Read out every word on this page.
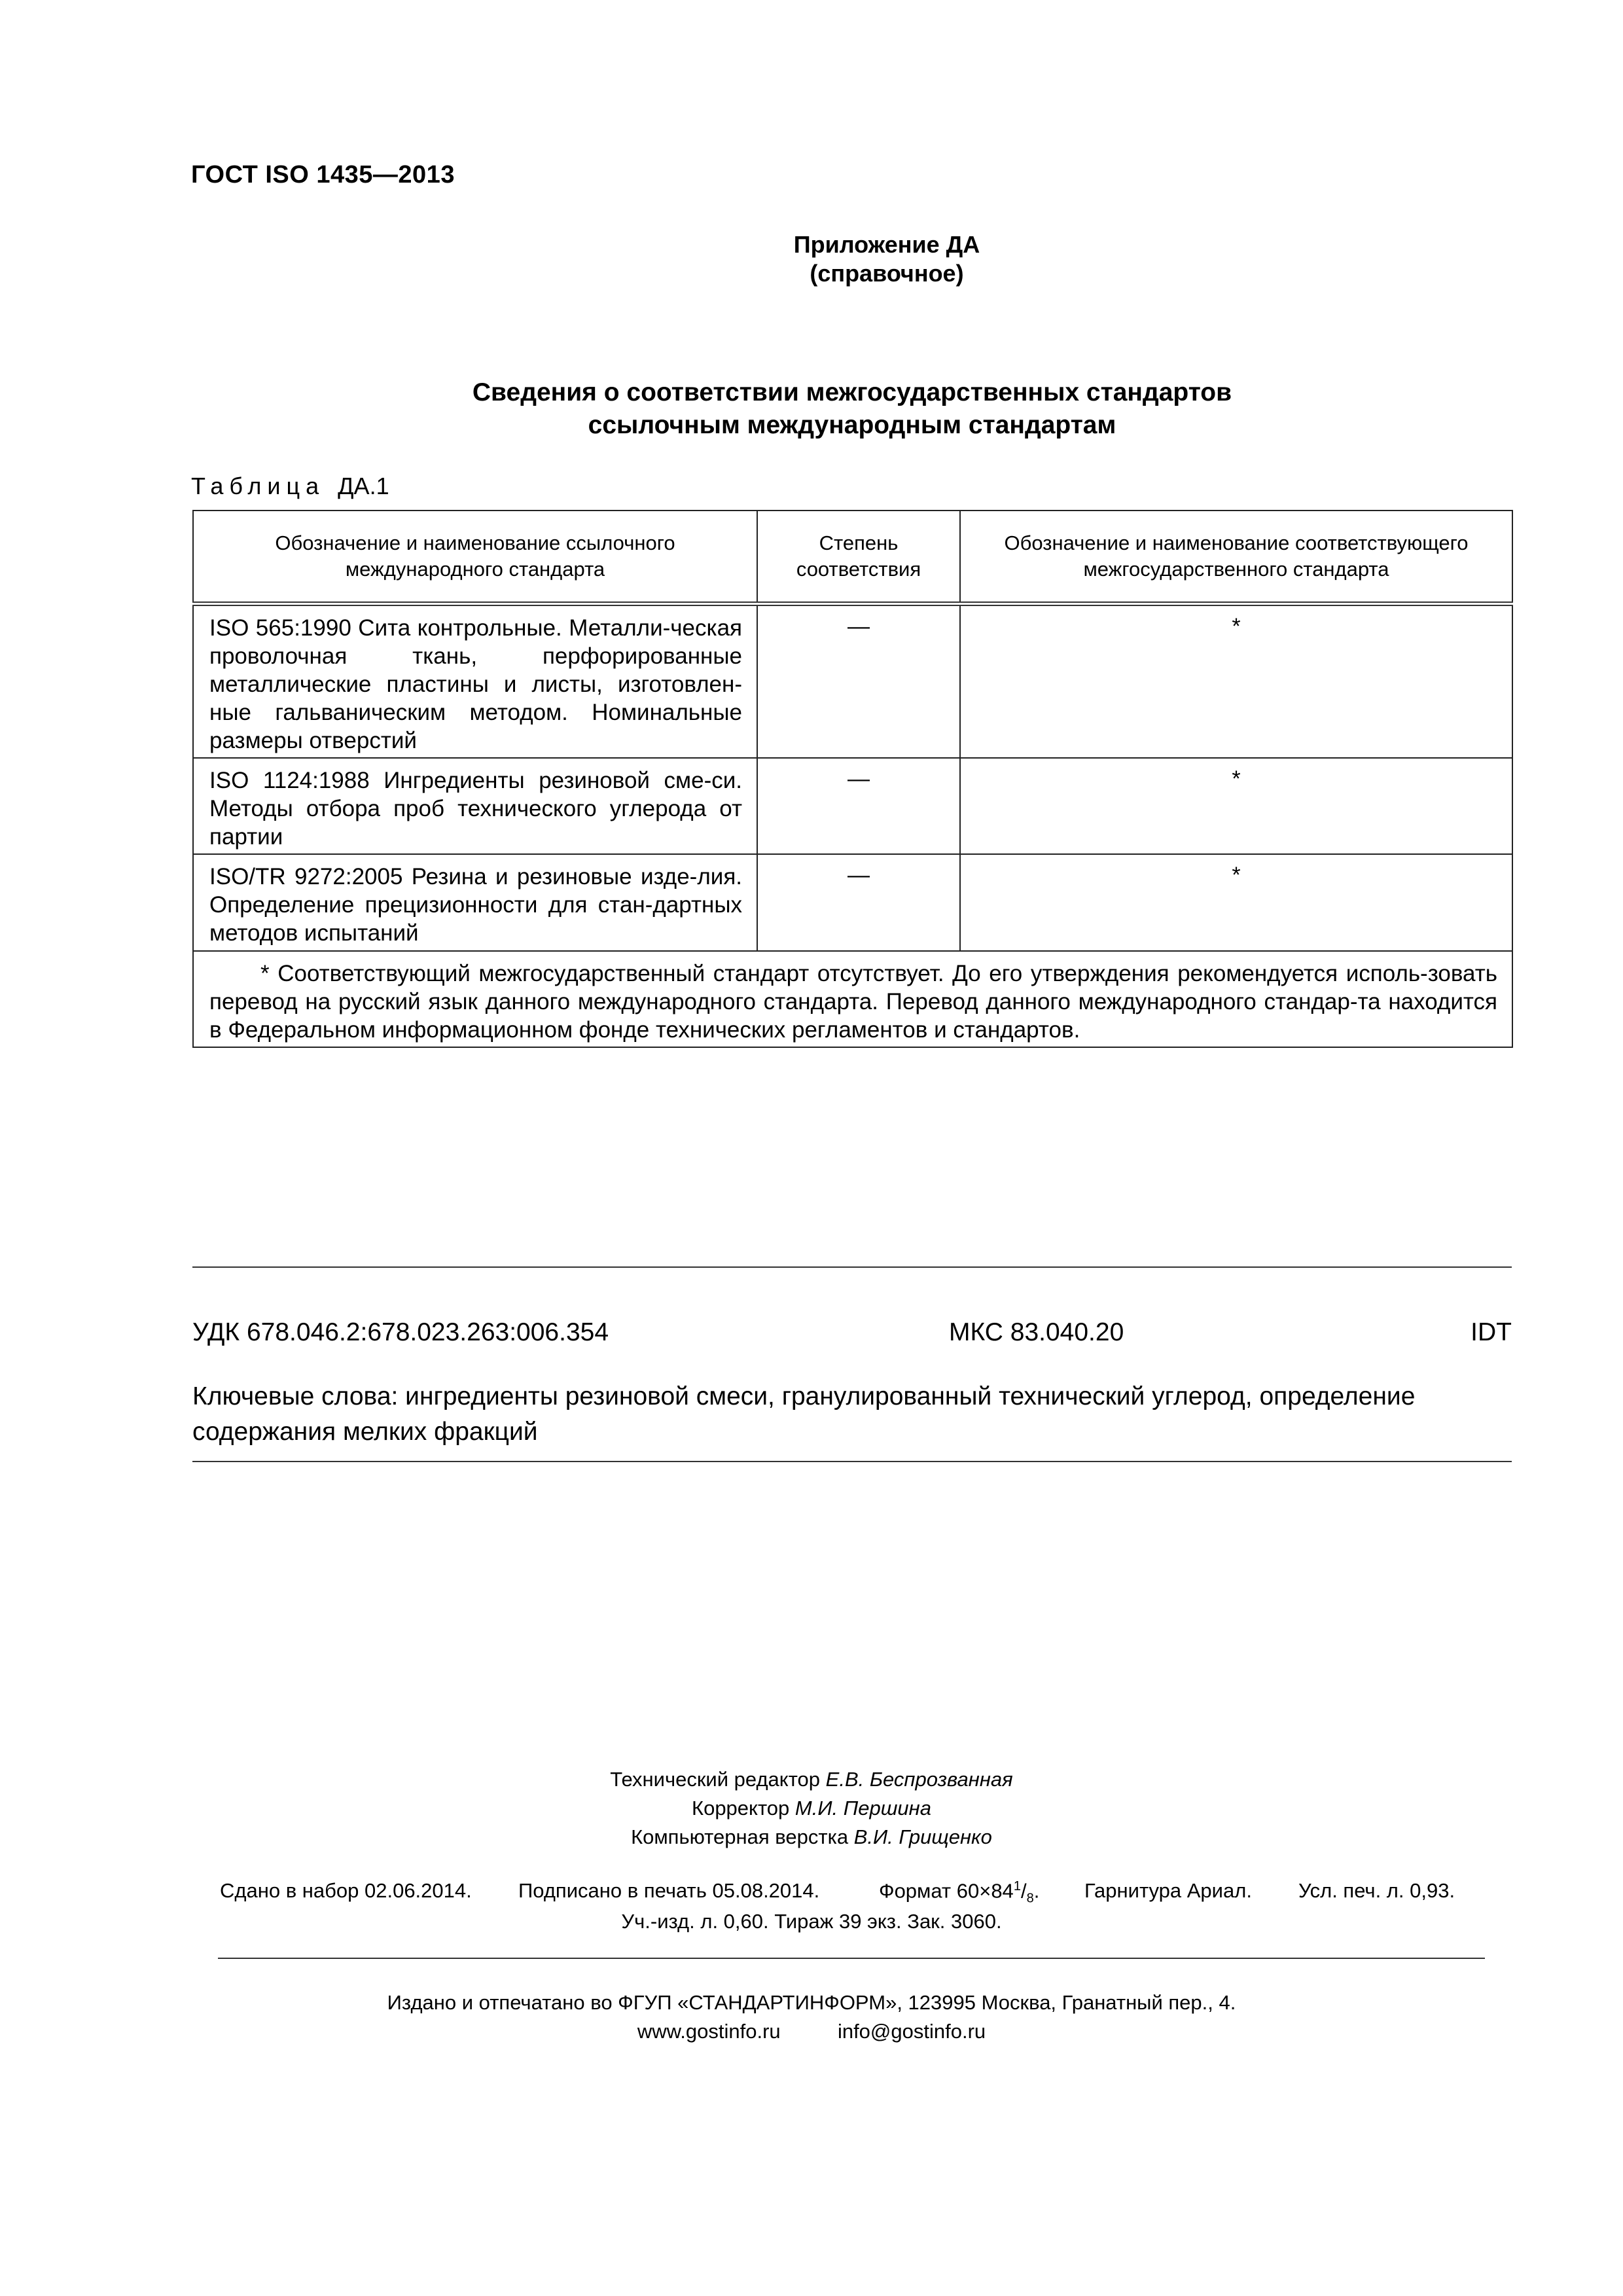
ГОСТ ISO 1435—2013
Приложение ДА
(справочное)
Сведения о соответствии межгосударственных стандартов
ссылочным международным стандартам
Таблица ДА.1
Обозначение и наименование ссылочного международного стандарта	Степень соответствия	Обозначение и наименование соответствующего межгосударственного стандарта
ISO 565:1990 Сита контрольные. Металли-ческая проволочная ткань, перфорированные металлические пластины и листы, изготовлен-ные гальваническим методом. Номинальные размеры отверстий	—	*
ISO 1124:1988 Ингредиенты резиновой сме-си. Методы отбора проб технического углерода от партии	—	*
ISO/TR 9272:2005 Резина и резиновые изде-лия. Определение прецизионности для стан-дартных методов испытаний	—	*
* Соответствующий межгосударственный стандарт отсутствует. До его утверждения рекомендуется исполь-зовать перевод на русский язык данного международного стандарта. Перевод данного международного стандар-та находится в Федеральном информационном фонде технических регламентов и стандартов.		
УДК 678.046.2:678.023.263:006.354	МКС 83.040.20	IDT
Ключевые слова: ингредиенты резиновой смеси, гранулированный технический углерод, определение содержания мелких фракций
Технический редактор Е.В. Беспрозванная
Корректор М.И. Першина
Компьютерная верстка В.И. Грищенко
Сдано в набор 02.06.2014. Подписано в печать 05.08.2014.	Формат $60\times 84^1/_8$. Гарнитура Ариал. Усл. печ. л. 0,93.
Уч.-изд. л. 0,60. Тираж 39 экз. Зак. 3060.
Издано и отпечатано во ФГУП «СТАНДАРТИНФОРМ», 123995 Москва, Гранатный пер., 4.
www.gostinfo.ru	info@gostinfo.ru
